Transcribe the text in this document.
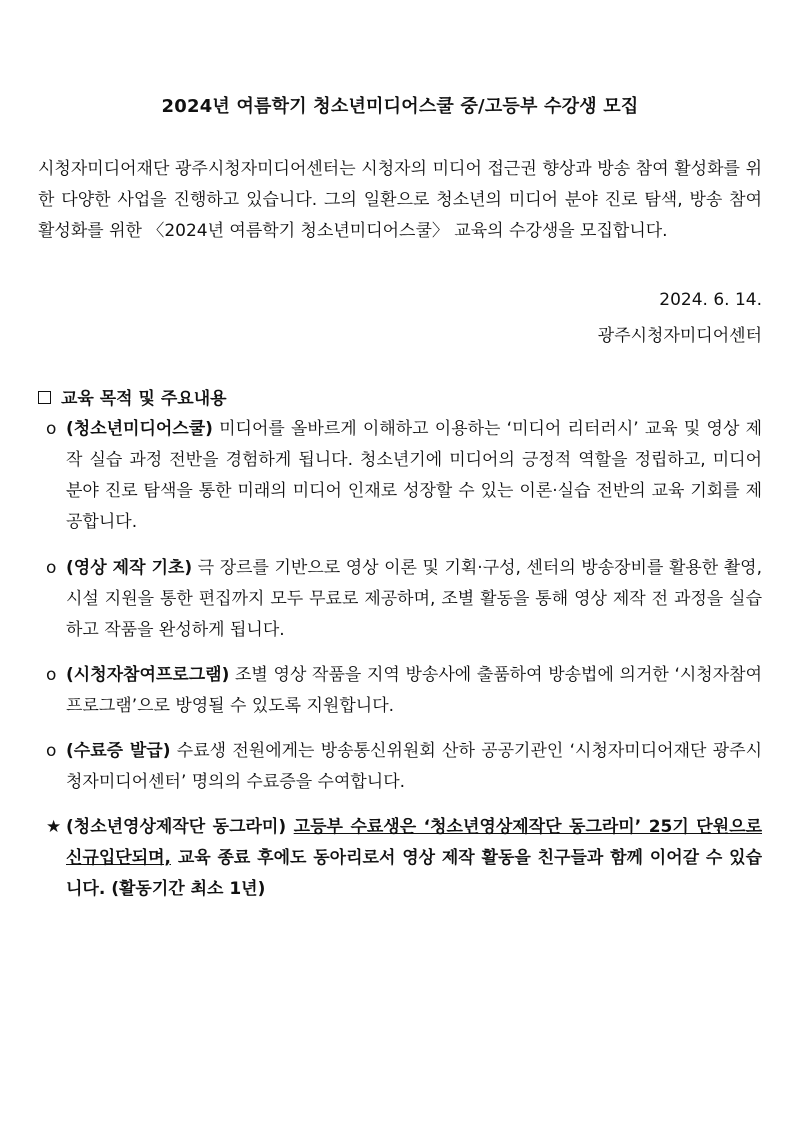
2024년 여름학기 청소년미디어스쿨 중/고등부 수강생 모집

시청자미디어재단 광주시청자미디어센터는 시청자의 미디어 접근권 향상과 방송 참여 활성화를 위한 다양한 사업을 진행하고 있습니다. 그의 일환으로 청소년의 미디어 분야 진로 탐색, 방송 참여 활성화를 위한 〈2024년 여름학기 청소년미디어스쿨〉 교육의 수강생을 모집합니다.

2024. 6. 14.
광주시청자미디어센터
교육 목적 및 주요내용
o (청소년미디어스쿨) 미디어를 올바르게 이해하고 이용하는 ‘미디어 리터러시’ 교육 및 영상 제작 실습 과정 전반을 경험하게 됩니다. 청소년기에 미디어의 긍정적 역할을 정립하고, 미디어 분야 진로 탐색을 통한 미래의 미디어 인재로 성장할 수 있는 이론·실습 전반의 교육 기회를 제공합니다.

o (영상 제작 기초) 극 장르를 기반으로 영상 이론 및 기획·구성, 센터의 방송장비를 활용한 촬영, 시설 지원을 통한 편집까지 모두 무료로 제공하며, 조별 활동을 통해 영상 제작 전 과정을 실습하고 작품을 완성하게 됩니다.

o (시청자참여프로그램) 조별 영상 작품을 지역 방송사에 출품하여 방송법에 의거한 ‘시청자참여프로그램’으로 방영될 수 있도록 지원합니다.

o (수료증 발급) 수료생 전원에게는 방송통신위원회 산하 공공기관인 ‘시청자미디어재단 광주시청자미디어센터’ 명의의 수료증을 수여합니다.

★ (청소년영상제작단 동그라미) 고등부 수료생은 ‘청소년영상제작단 동그라미’ 25기 단원으로 신규입단되며, 교육 종료 후에도 동아리로서 영상 제작 활동을 친구들과 함께 이어갈 수 있습니다. (활동기간 최소 1년)
